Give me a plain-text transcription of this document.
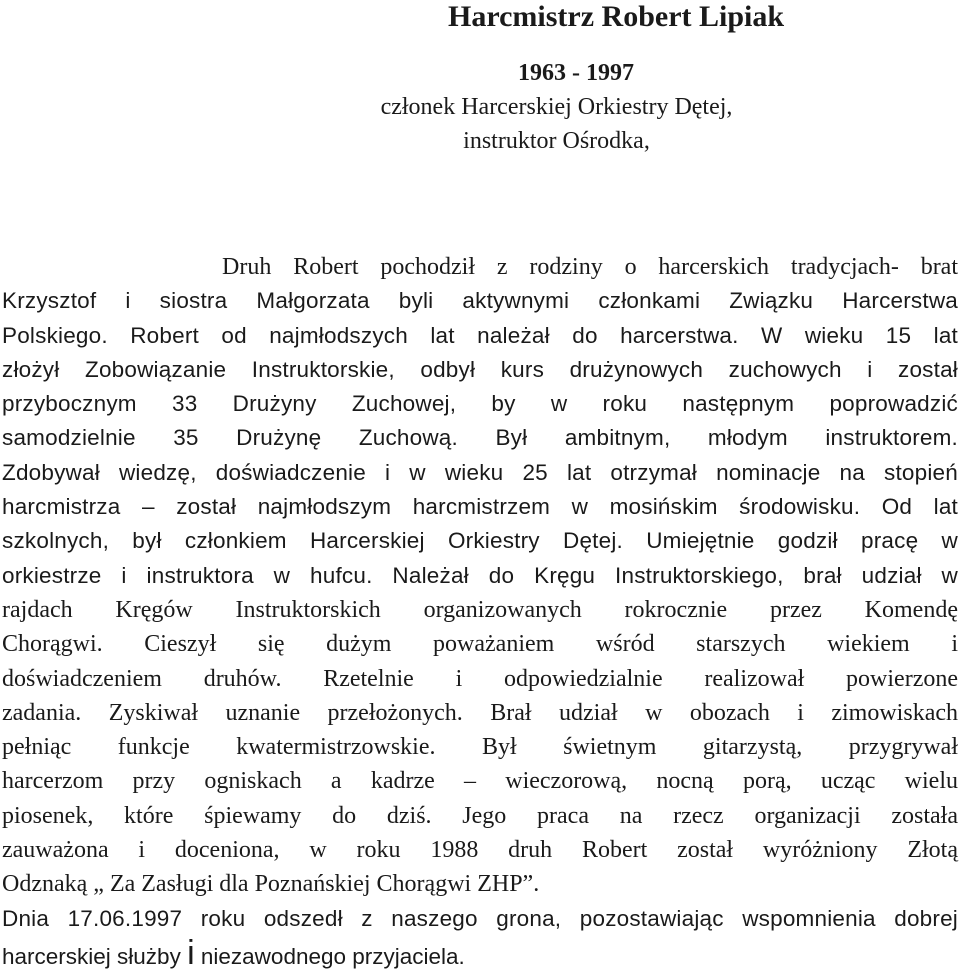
Harcmistrz Robert Lipiak
1963 - 1997
członek Harcerskiej Orkiestry Dętej,
instruktor Ośrodka,
Druh Robert pochodził z rodziny o harcerskich tradycjach- brat
Krzysztof i siostra Małgorzata byli aktywnymi członkami Związku Harcerstwa
Polskiego. Robert od najmłodszych lat należał do harcerstwa. W wieku 15 lat
złożył Zobowiązanie Instruktorskie, odbył kurs drużynowych zuchowych i został
przybocznym 33 Drużyny Zuchowej, by w roku następnym poprowadzić
samodzielnie 35 Drużynę Zuchową. Był ambitnym, młodym instruktorem.
Zdobywał wiedzę, doświadczenie i w wieku 25 lat otrzymał nominacje na stopień
harcmistrza – został najmłodszym harcmistrzem w mosińskim środowisku. Od lat
szkolnych, był członkiem Harcerskiej Orkiestry Dętej. Umiejętnie godził pracę w
orkiestrze i instruktora w hufcu. Należał do Kręgu Instruktorskiego, brał udział w
rajdach Kręgów Instruktorskich organizowanych rokrocznie przez Komendę
Chorągwi. Cieszył się dużym poważaniem wśród starszych wiekiem i
doświadczeniem druhów. Rzetelnie i odpowiedzialnie realizował powierzone
zadania. Zyskiwał uznanie przełożonych. Brał udział w obozach i zimowiskach
pełniąc funkcje kwatermistrzowskie. Był świetnym gitarzystą, przygrywał
harcerzom przy ogniskach a kadrze – wieczorową, nocną porą, ucząc wielu
piosenek, które śpiewamy do dziś. Jego praca na rzecz organizacji została
zauważona i doceniona, w roku 1988 druh Robert został wyróżniony Złotą
Odznaką „ Za Zasługi dla Poznańskiej Chorągwi ZHP”.
Dnia 17.06.1997 roku odszedł z naszego grona, pozostawiając wspomnienia dobrej
harcerskiej służby i niezawodnego przyjaciela.
